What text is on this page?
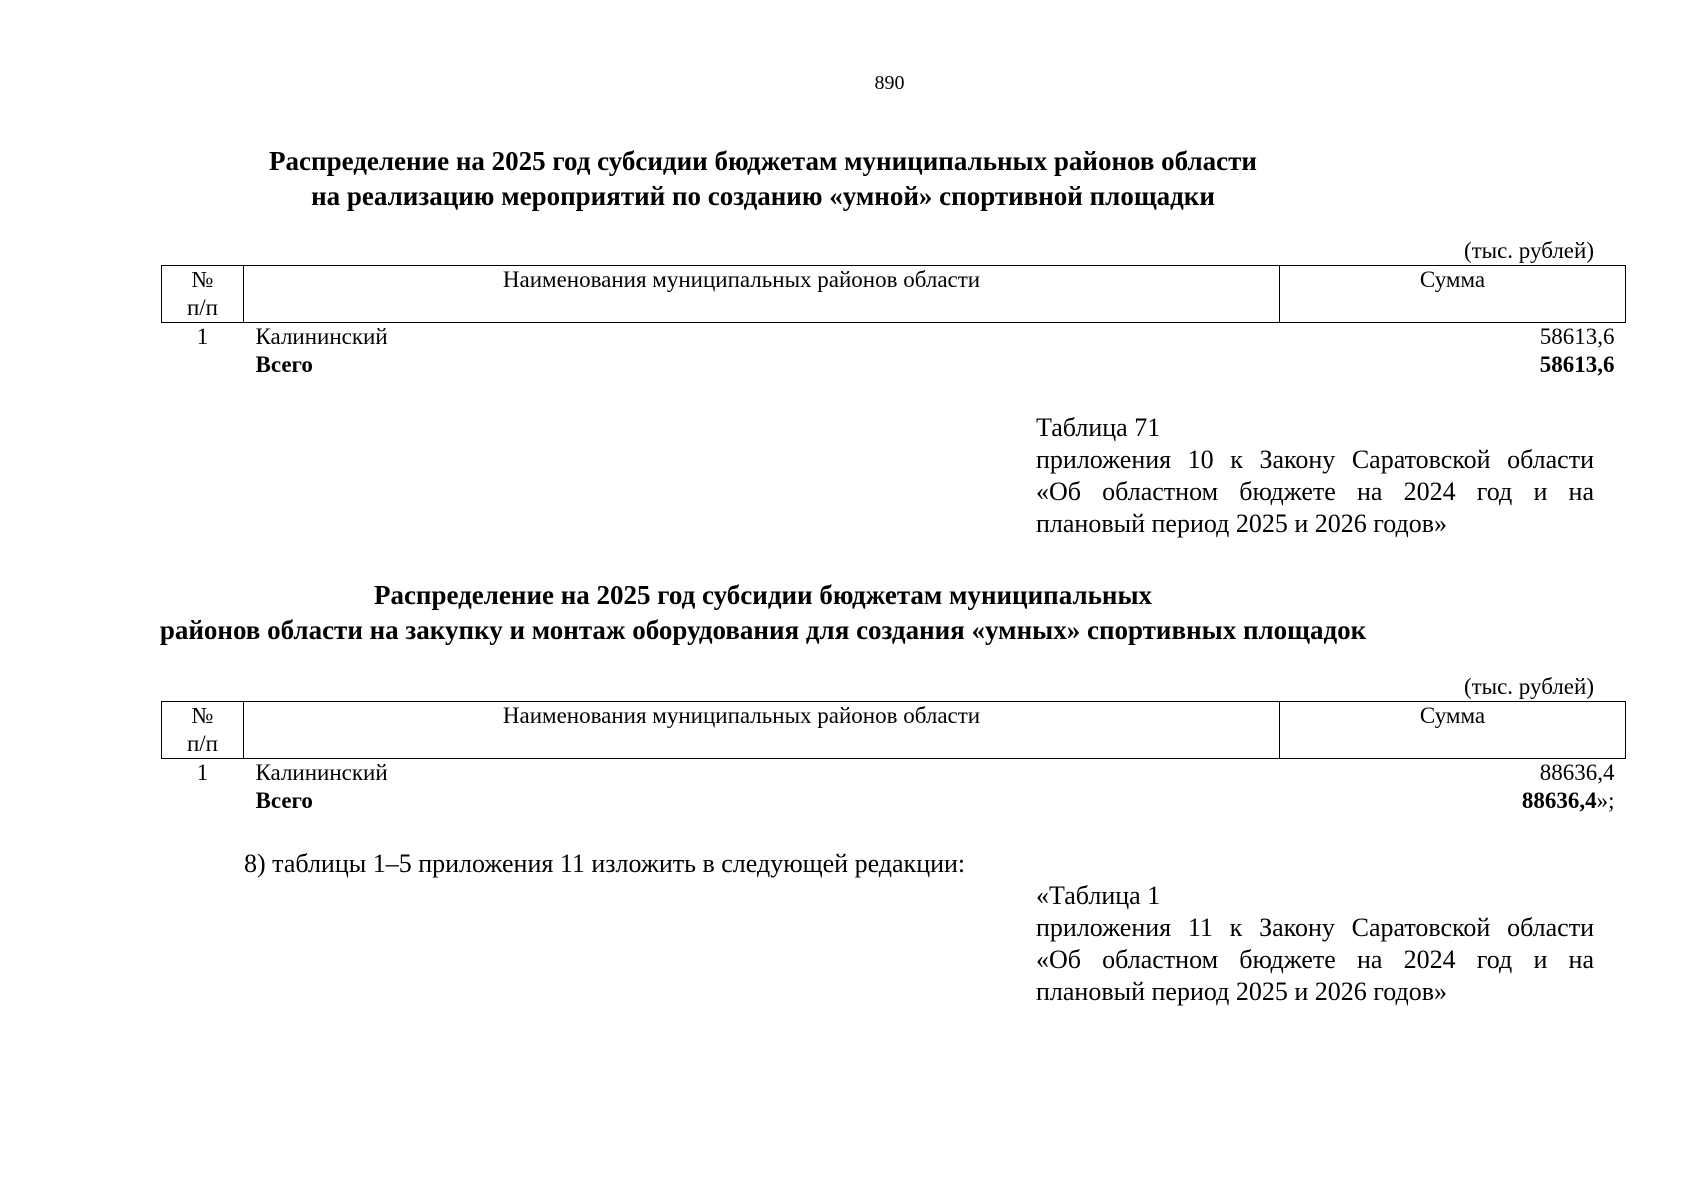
890
Распределение на 2025 год субсидии бюджетам муниципальных районов области
на реализацию мероприятий по созданию «умной» спортивной площадки
(тыс. рублей)
№
п/п	Наименования муниципальных районов области	Сумма
1	Калининский	58613,6
	Всего	58613,6
Таблица 71
приложения 10 к Закону Саратовской области «Об областном бюджете на 2024 год и на плановый период 2025 и 2026 годов»
Распределение на 2025 год субсидии бюджетам муниципальных
районов области на закупку и монтаж оборудования для создания «умных» спортивных площадок
(тыс. рублей)
№
п/п	Наименования муниципальных районов области	Сумма
1	Калининский	88636,4
	Всего	88636,4»;
8) таблицы 1–5 приложения 11 изложить в следующей редакции:
«Таблица 1
приложения 11 к Закону Саратовской области «Об областном бюджете на 2024 год и на плановый период 2025 и 2026 годов»
